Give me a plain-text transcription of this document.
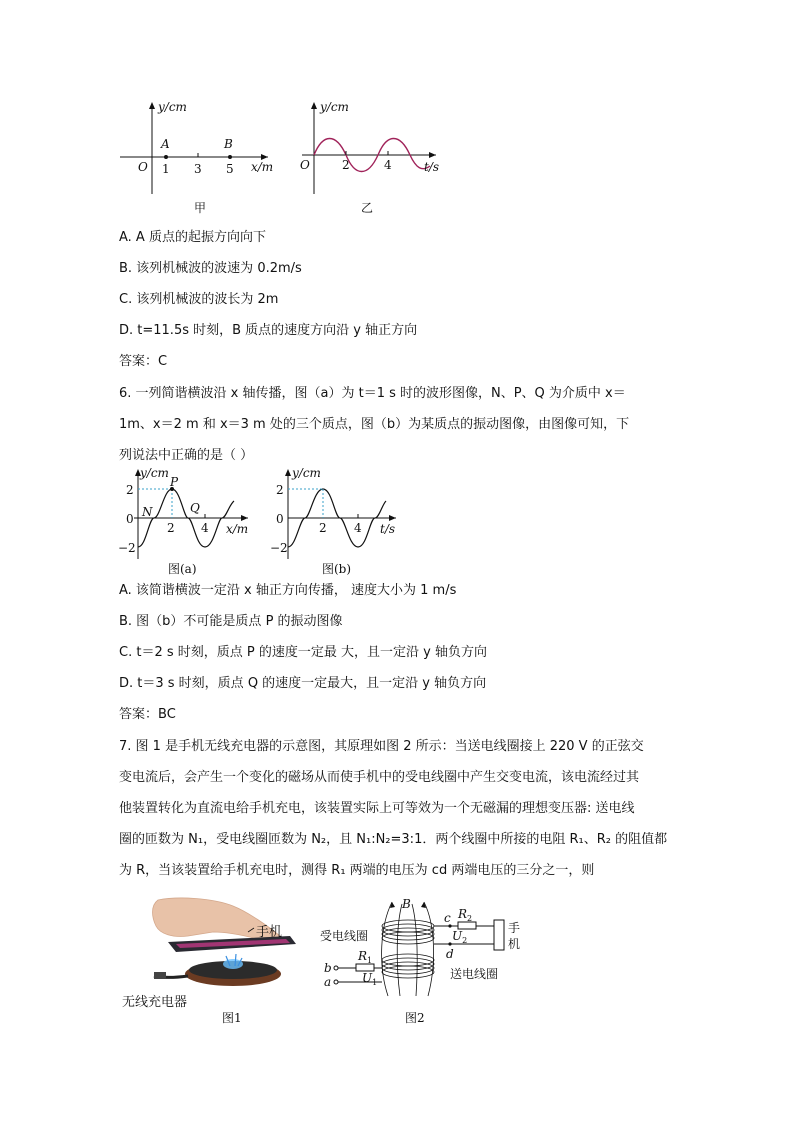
y/cm
O
A	B
1 3 5 x/m
甲
y/cm
O	2	4	t/s
乙
A. A 质点的起振方向向下
B. 该列机械波的波速为 0.2m/s
C. 该列机械波的波长为 2m
D. t=11.5s 时刻，B 质点的速度方向沿 y 轴正方向
答案：C
6. 一列简谐横波沿 x 轴传播，图（a）为 t＝1 s 时的波形图像，N、P、Q 为介质中 x＝
1m、x＝2 m 和 x＝3 m 处的三个质点，图（b）为某质点的振动图像，由图像可知，下
列说法中正确的是（ ）
y/cm
2
0
−2
P
N	Q
2 4 x/m
图(a)
y/cm
2
0
−2
2 4 t/s
图(b)
A. 该简谐横波一定沿 x 轴正方向传播， 速度大小为 1 m/s
B. 图（b）不可能是质点 P 的振动图像
C. t＝2 s 时刻，质点 P 的速度一定最 大，且一定沿 y 轴负方向
D. t＝3 s 时刻，质点 Q 的速度一定最大，且一定沿 y 轴负方向
答案：BC
7. 图 1 是手机无线充电器的示意图，其原理如图 2 所示：当送电线圈接上 220 V 的正弦交
变电流后，会产生一个变化的磁场从而使手机中的受电线圈中产生交变电流，该电流经过其
他装置转化为直流电给手机充电，该装置实际上可等效为一个无磁漏的理想变压器: 送电线
圈的匝数为 N₁，受电线圈匝数为 N₂，且 N₁:N₂=3:1．两个线圈中所接的电阻 R₁、R₂ 的阻值都
为 R，当该装置给手机充电时，测得 R₁ 两端的电压为 cd 两端电压的三分之一，则
手机
无线充电器
图1
B
受电线圈
送电线圈
c
d
$R_2$
$U_2$
手
机
b
a
$R_1$
$U_1$
图2
